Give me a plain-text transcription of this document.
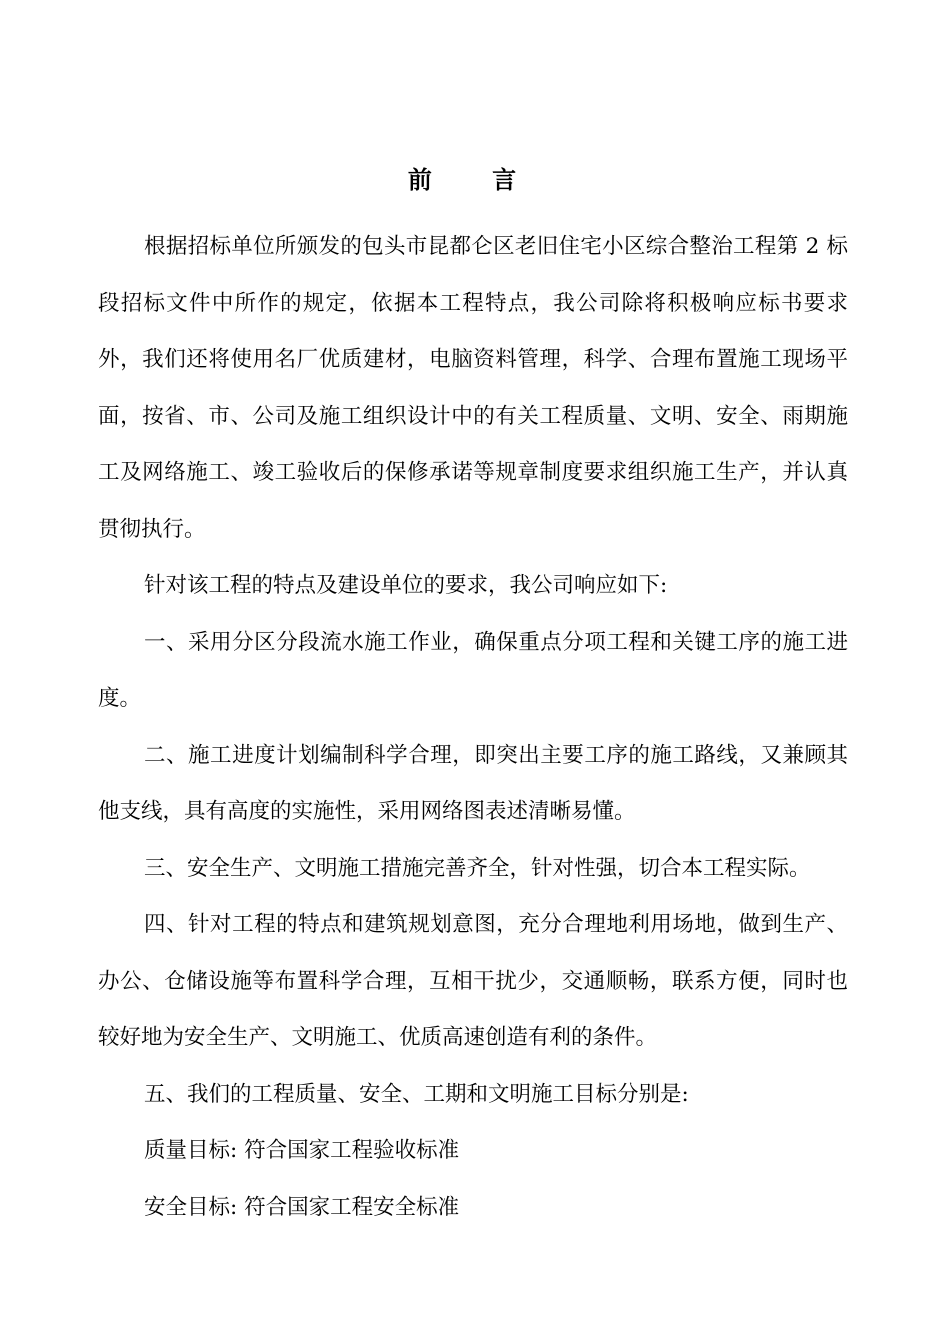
前 言

根据招标单位所颁发的包头市昆都仑区老旧住宅小区综合整治工程第 2 标段招标文件中所作的规定，依据本工程特点，我公司除将积极响应标书要求外，我们还将使用名厂优质建材，电脑资料管理，科学、合理布置施工现场平面，按省、市、公司及施工组织设计中的有关工程质量、文明、安全、雨期施工及网络施工、竣工验收后的保修承诺等规章制度要求组织施工生产，并认真贯彻执行。

针对该工程的特点及建设单位的要求，我公司响应如下:

一、采用分区分段流水施工作业，确保重点分项工程和关键工序的施工进度。

二、施工进度计划编制科学合理，即突出主要工序的施工路线，又兼顾其他支线，具有高度的实施性，采用网络图表述清晰易懂。

三、安全生产、文明施工措施完善齐全，针对性强，切合本工程实际。

四、针对工程的特点和建筑规划意图，充分合理地利用场地，做到生产、办公、仓储设施等布置科学合理，互相干扰少，交通顺畅，联系方便，同时也较好地为安全生产、文明施工、优质高速创造有利的条件。

五、我们的工程质量、安全、工期和文明施工目标分别是:

质量目标: 符合国家工程验收标准

安全目标: 符合国家工程安全标准
